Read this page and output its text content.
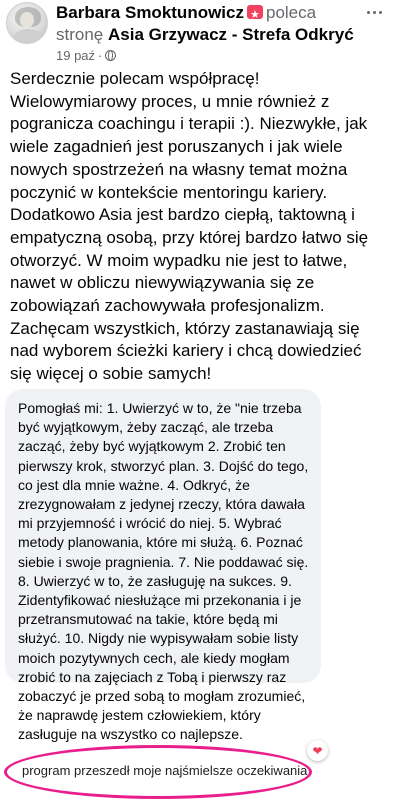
Barbara Smoktunowicz★ poleca
stronę Asia Grzywacz - Strefa Odkryć
19 paź ·
Serdecznie polecam współpracę!
Wielowymiarowy proces, u mnie również z
pogranicza coachingu i terapii :). Niezwykłe, jak
wiele zagadnień jest poruszanych i jak wiele
nowych spostrzeżeń na własny temat można
poczynić w kontekście mentoringu kariery.
Dodatkowo Asia jest bardzo ciepłą, taktowną i
empatyczną osobą, przy której bardzo łatwo się
otworzyć. W moim wypadku nie jest to łatwe,
nawet w obliczu niewywiązywania się ze
zobowiązań zachowywała profesjonalizm.
Zachęcam wszystkich, którzy zastanawiają się
nad wyborem ścieżki kariery i chcą dowiedzieć
się więcej o sobie samych!
Pomogłaś mi: 1. Uwierzyć w to, że "nie trzeba
być wyjątkowym, żeby zacząć, ale trzeba
zacząć, żeby być wyjątkowym 2. Zrobić ten
pierwszy krok, stworzyć plan. 3. Dojść do tego,
co jest dla mnie ważne. 4. Odkryć, że
zrezygnowałam z jedynej rzeczy, która dawała
mi przyjemność i wrócić do niej. 5. Wybrać
metody planowania, które mi służą. 6. Poznać
siebie i swoje pragnienia. 7. Nie poddawać się.
8. Uwierzyć w to, że zasługuję na sukces. 9.
Zidentyfikować niesłużące mi przekonania i je
przetransmutować na takie, które będą mi
służyć. 10. Nigdy nie wypisywałam sobie listy
moich pozytywnych cech, ale kiedy mogłam
zrobić to na zajęciach z Tobą i pierwszy raz
zobaczyć je przed sobą to mogłam zrozumieć,
że naprawdę jestem człowiekiem, który
zasługuje na wszystko co najlepsze.
❤
program przeszedł moje najśmielsze oczekiwania
